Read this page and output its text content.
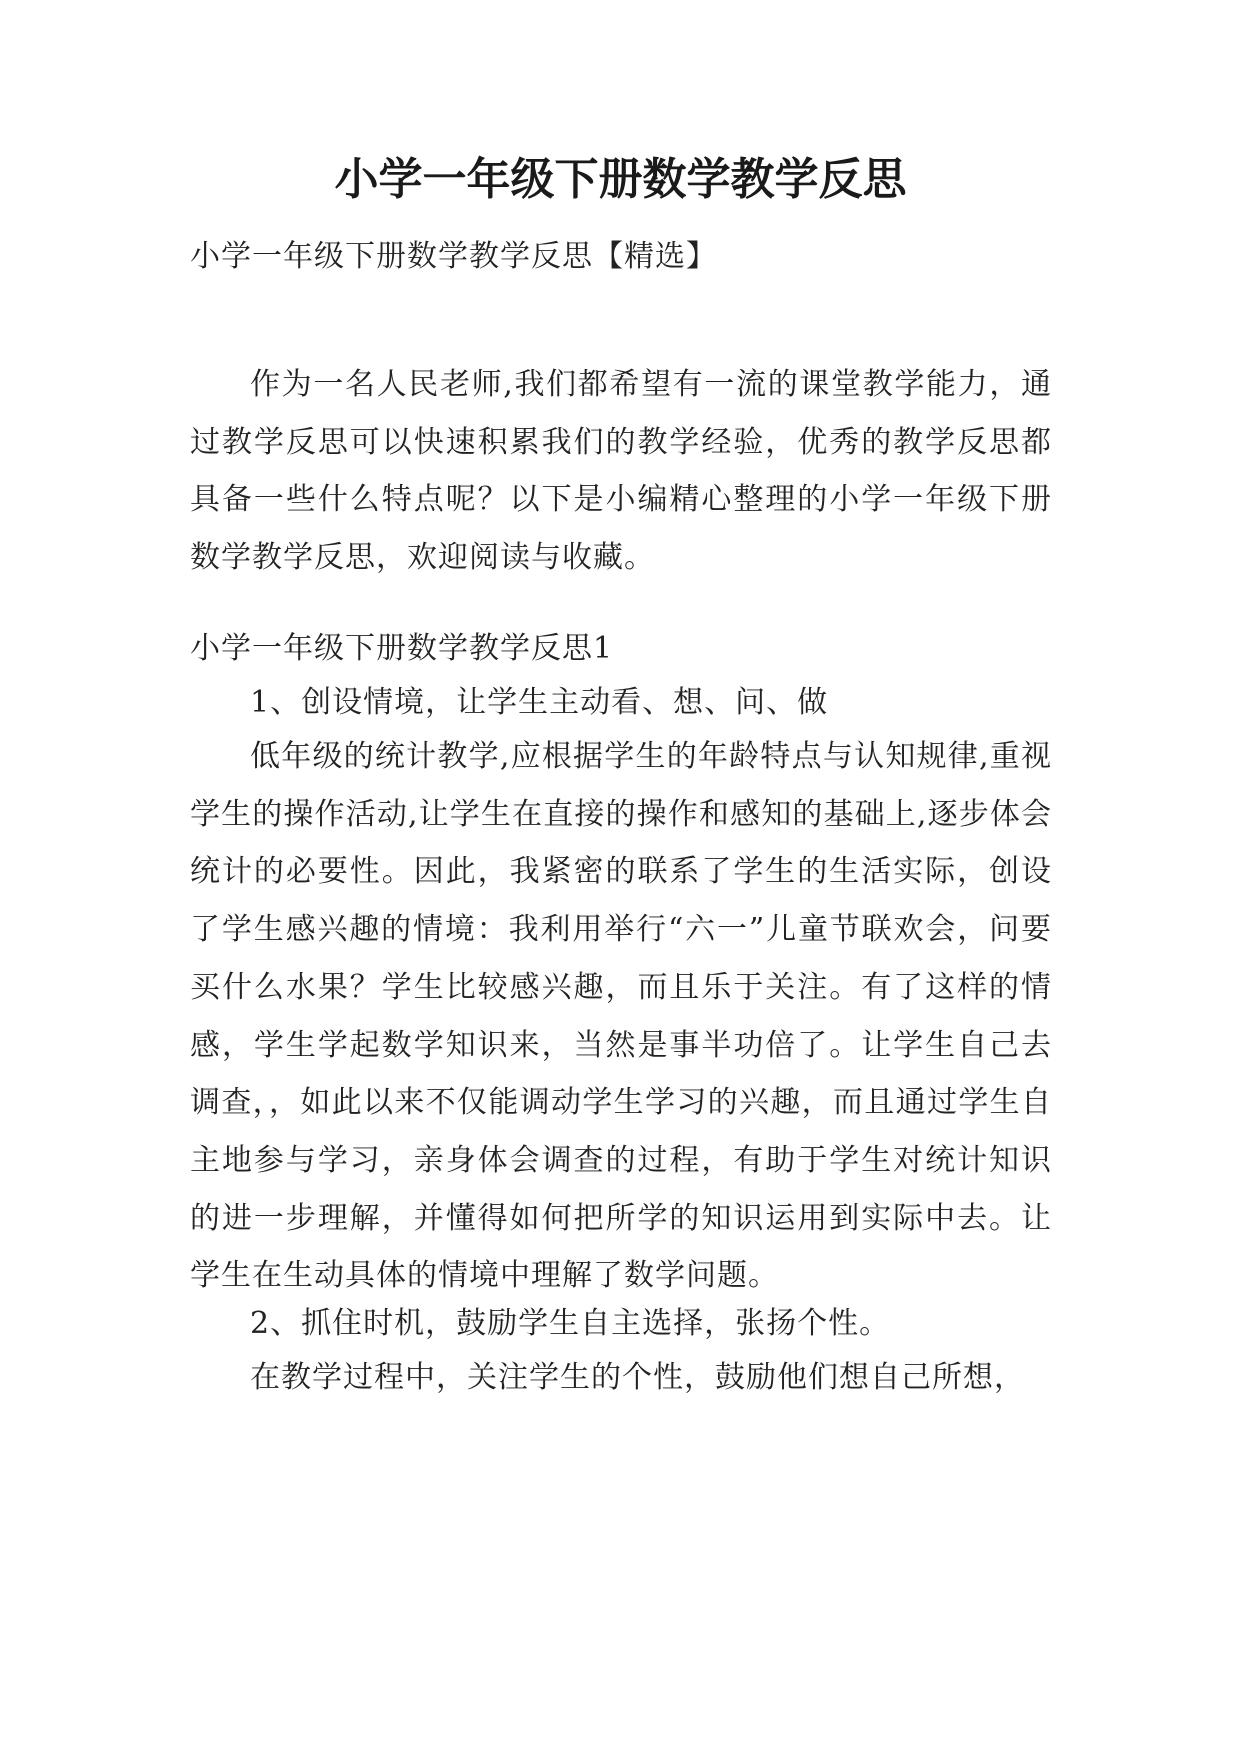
小学一年级下册数学教学反思
小学一年级下册数学教学反思【精选】

作为一名人民老师,我们都希望有一流的课堂教学能力，通过教学反思可以快速积累我们的教学经验，优秀的教学反思都具备一些什么特点呢？以下是小编精心整理的小学一年级下册数学教学反思，欢迎阅读与收藏。

小学一年级下册数学教学反思1
1、创设情境，让学生主动看、想、问、做

低年级的统计教学,应根据学生的年龄特点与认知规律,重视学生的操作活动,让学生在直接的操作和感知的基础上,逐步体会统计的必要性。因此，我紧密的联系了学生的生活实际，创设了学生感兴趣的情境：我利用举行“六一”儿童节联欢会，问要买什么水果？学生比较感兴趣，而且乐于关注。有了这样的情感，学生学起数学知识来，当然是事半功倍了。让学生自己去调查，，如此以来不仅能调动学生学习的兴趣，而且通过学生自主地参与学习，亲身体会调查的过程，有助于学生对统计知识的进一步理解，并懂得如何把所学的知识运用到实际中去。让学生在生动具体的情境中理解了数学问题。

2、抓住时机，鼓励学生自主选择，张扬个性。

在教学过程中，关注学生的个性，鼓励他们想自己所想，
